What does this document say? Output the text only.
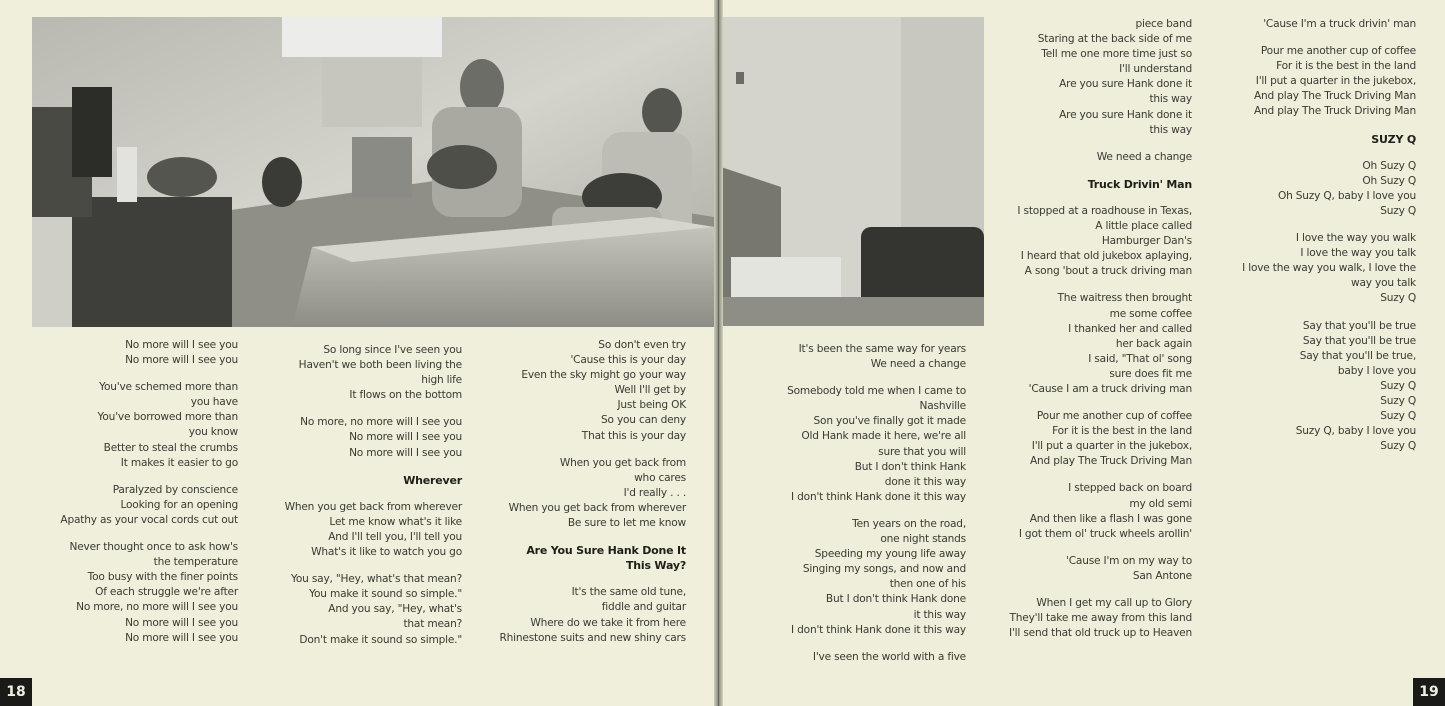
No more will I see you
No more will I see you
You've schemed more than
you have
You've borrowed more than
you know
Better to steal the crumbs
It makes it easier to go
Paralyzed by conscience
Looking for an opening
Apathy as your vocal cords cut out
Never thought once to ask how's
the temperature
Too busy with the finer points
Of each struggle we're after
No more, no more will I see you
No more will I see you
No more will I see you
So long since I've seen you
Haven't we both been living the
high life
It flows on the bottom
No more, no more will I see you
No more will I see you
No more will I see you
Wherever
When you get back from wherever
Let me know what's it like
And I'll tell you, I'll tell you
What's it like to watch you go
You say, "Hey, what's that mean?
You make it sound so simple."
And you say, "Hey, what's
that mean?
Don't make it sound so simple."
So don't even try
'Cause this is your day
Even the sky might go your way
Well I'll get by
Just being OK
So you can deny
That this is your day
When you get back from
who cares
I'd really . . .
When you get back from wherever
Be sure to let me know
Are You Sure Hank Done It
This Way?
It's the same old tune,
fiddle and guitar
Where do we take it from here
Rhinestone suits and new shiny cars
It's been the same way for years
We need a change
Somebody told me when I came to
Nashville
Son you've finally got it made
Old Hank made it here, we're all
sure that you will
But I don't think Hank
done it this way
I don't think Hank done it this way
Ten years on the road,
one night stands
Speeding my young life away
Singing my songs, and now and
then one of his
But I don't think Hank done
it this way
I don't think Hank done it this way
I've seen the world with a five
piece band
Staring at the back side of me
Tell me one more time just so
I'll understand
Are you sure Hank done it
this way
Are you sure Hank done it
this way
We need a change
Truck Drivin' Man
I stopped at a roadhouse in Texas,
A little place called
Hamburger Dan's
I heard that old jukebox aplaying,
A song 'bout a truck driving man
The waitress then brought
me some coffee
I thanked her and called
her back again
I said, "That ol' song
sure does fit me
'Cause I am a truck driving man
Pour me another cup of coffee
For it is the best in the land
I'll put a quarter in the jukebox,
And play The Truck Driving Man
I stepped back on board
my old semi
And then like a flash I was gone
I got them ol' truck wheels arollin'
'Cause I'm on my way to
San Antone
When I get my call up to Glory
They'll take me away from this land
I'll send that old truck up to Heaven
'Cause I'm a truck drivin' man
Pour me another cup of coffee
For it is the best in the land
I'll put a quarter in the jukebox,
And play The Truck Driving Man
And play The Truck Driving Man
SUZY Q
Oh Suzy Q
Oh Suzy Q
Oh Suzy Q, baby I love you
Suzy Q
I love the way you walk
I love the way you talk
I love the way you walk, I love the
way you talk
Suzy Q
Say that you'll be true
Say that you'll be true
Say that you'll be true,
baby I love you
Suzy Q
Suzy Q
Suzy Q
Suzy Q, baby I love you
Suzy Q
18	19
